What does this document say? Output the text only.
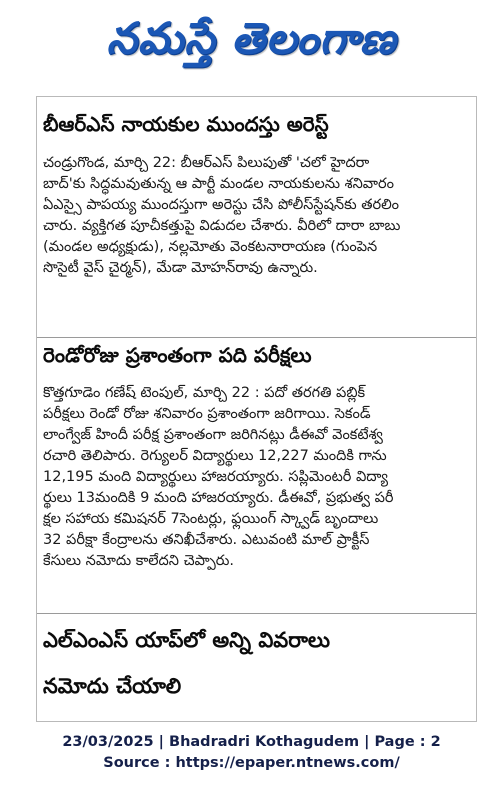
నమస్తే తెలంగాణ
బీఆర్ఎస్ నాయకుల ముందస్తు అరెస్ట్
చండ్రుగొండ, మార్చి 22: బీఆర్ఎస్ పిలుపుతో 'చలో హైదరా
బాద్'కు సిద్ధమవుతున్న ఆ పార్టీ మండల నాయకులను శనివారం
ఏఎస్సై పాపయ్య ముందస్తుగా అరెస్టు చేసి పోలీస్‌స్టేషన్‌కు తరలిం
చారు. వ్యక్తిగత పూచీకత్తుపై విడుదల చేశారు. వీరిలో దారా బాబు
(మండల అధ్యక్షుడు), నల్లమోతు వెంకటనారాయణ (గుంపెన
సొసైటీ వైస్ చైర్మన్), మేడా మోహన్‌రావు ఉన్నారు.
రెండోరోజు ప్రశాంతంగా పది పరీక్షలు
కొత్తగూడెం గణేష్ టెంపుల్, మార్చి 22 : పదో తరగతి పబ్లిక్
పరీక్షలు రెండో రోజు శనివారం ప్రశాంతంగా జరిగాయి. సెకండ్
లాంగ్వేజ్ హిందీ పరీక్ష ప్రశాంతంగా జరిగినట్లు డీఈవో వెంకటేశ్వ
రచారి తెలిపారు. రెగ్యులర్ విద్యార్థులు 12,227 మందికి గాను
12,195 మంది విద్యార్థులు హాజరయ్యారు. సప్లిమెంటరీ విద్యా
ర్థులు 13మందికి 9 మంది హాజరయ్యారు. డీఈవో, ప్రభుత్వ పరీ
క్షల సహాయ కమిషనర్ 7సెంటర్లు, ఫ్లయింగ్ స్క్వాడ్ బృందాలు
32 పరీక్షా కేంద్రాలను తనిఖీచేశారు. ఎటువంటి మాల్ ప్రాక్టీస్
కేసులు నమోదు కాలేదని చెప్పారు.
ఎల్ఎంఎస్ యాప్‌లో అన్ని వివరాలు
నమోదు చేయాలి
23/03/2025 | Bhadradri Kothagudem | Page : 2
Source : https://epaper.ntnews.com/
